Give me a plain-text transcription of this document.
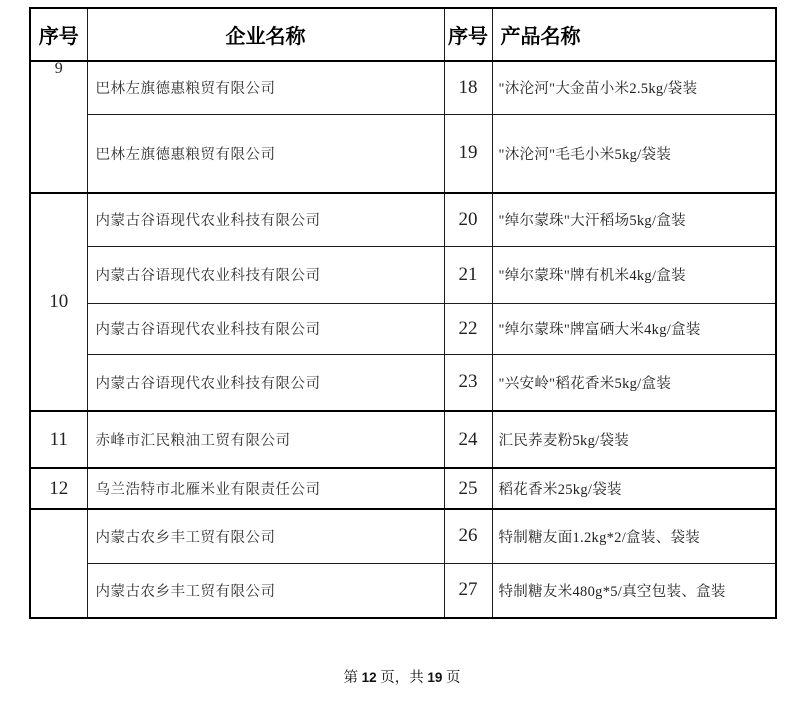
序号	企业名称	序号	产品名称
9	巴林左旗德惠粮贸有限公司	18	"沐沦河"大金苗小米2.5kg/袋装
	巴林左旗德惠粮贸有限公司	19	"沐沦河"毛毛小米5kg/袋装
10	内蒙古谷语现代农业科技有限公司	20	"绰尔蒙珠"大汗稻场5kg/盒装
	内蒙古谷语现代农业科技有限公司	21	"绰尔蒙珠"牌有机米4kg/盒装
	内蒙古谷语现代农业科技有限公司	22	"绰尔蒙珠"牌富硒大米4kg/盒装
	内蒙古谷语现代农业科技有限公司	23	"兴安岭"稻花香米5kg/盒装
11	赤峰市汇民粮油工贸有限公司	24	汇民荞麦粉5kg/袋装
12	乌兰浩特市北雁米业有限责任公司	25	稻花香米25kg/袋装
	内蒙古农乡丰工贸有限公司	26	特制糖友面1.2kg*2/盒装、袋装
	内蒙古农乡丰工贸有限公司	27	特制糖友米480g*5/真空包装、盒装
第 12 页，共 19 页
